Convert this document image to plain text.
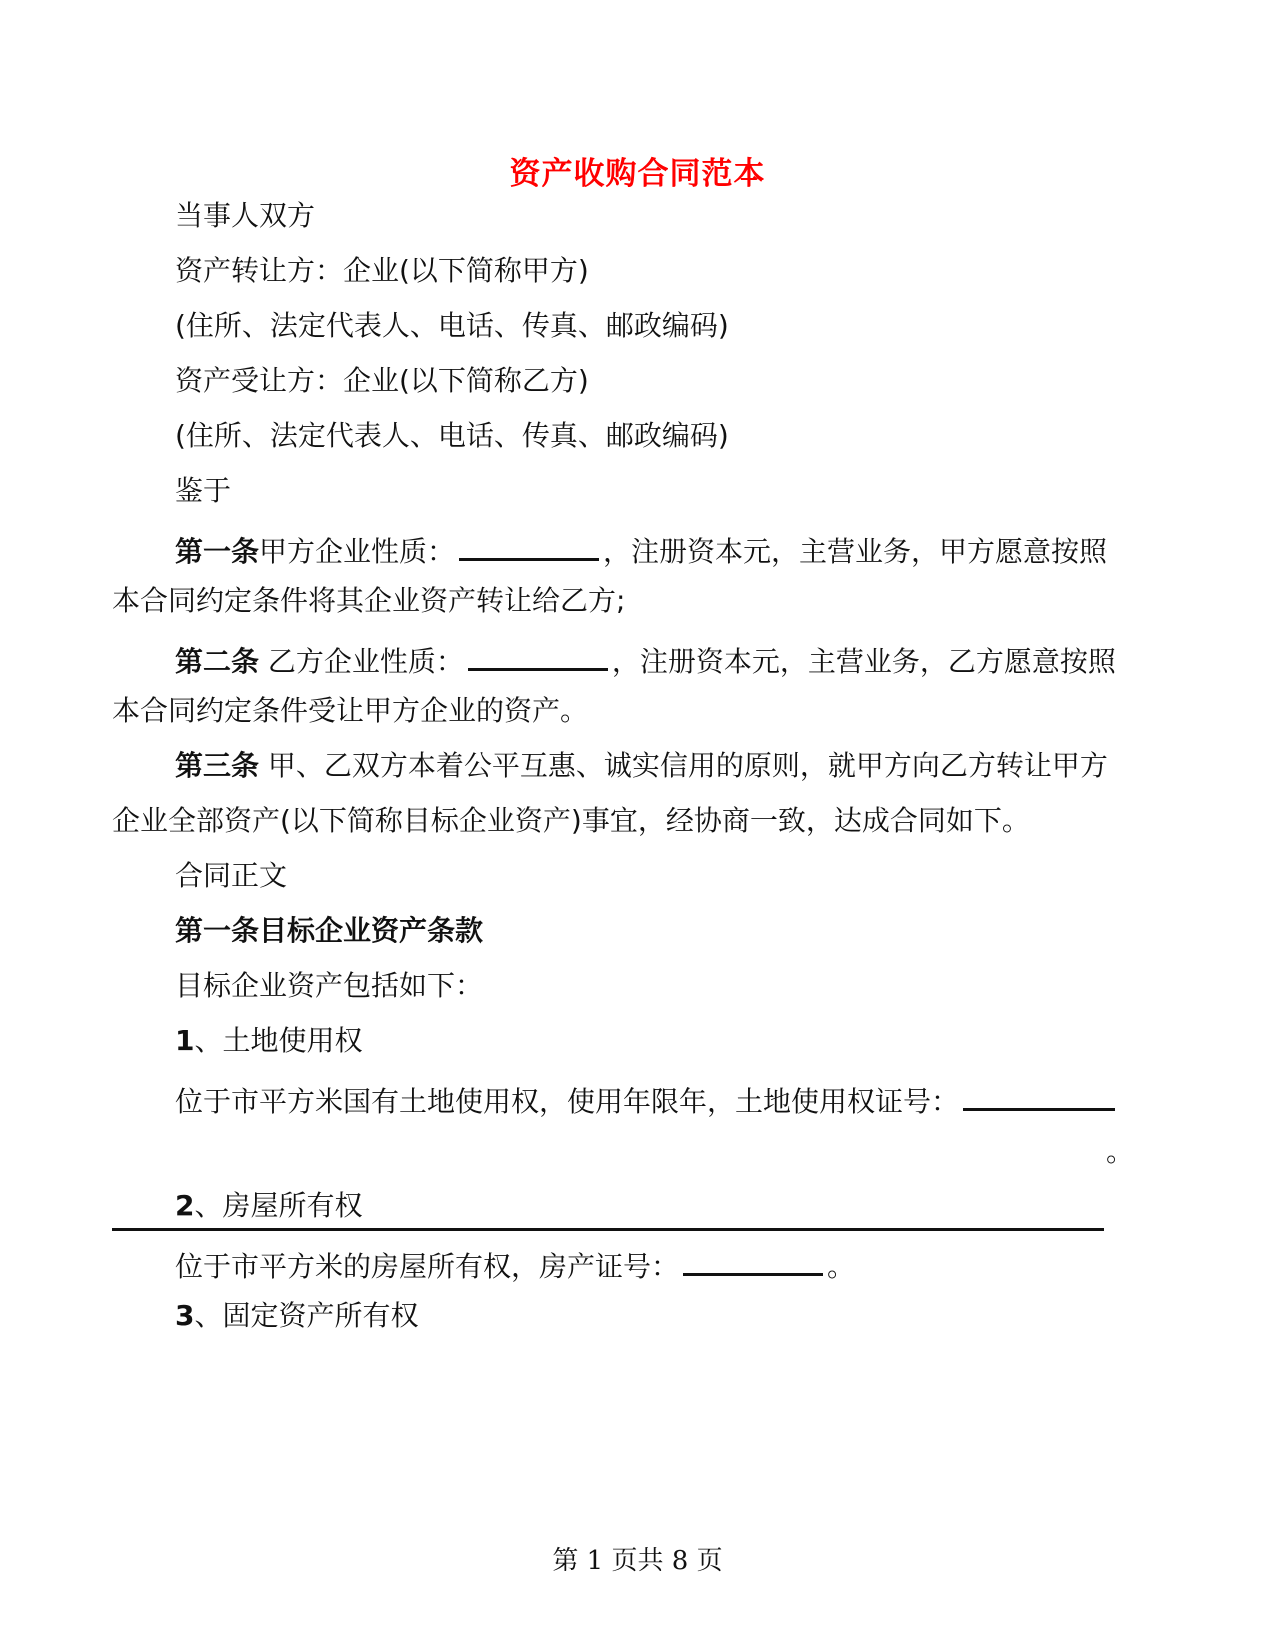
资产收购合同范本
当事人双方
资产转让方：企业(以下简称甲方)
(住所、法定代表人、电话、传真、邮政编码)
资产受让方：企业(以下简称乙方)
(住所、法定代表人、电话、传真、邮政编码)
鉴于
第一条甲方企业性质：	，注册资本元，主营业务，甲方愿意按照
本合同约定条件将其企业资产转让给乙方;
第二条 乙方企业性质：	，注册资本元，主营业务，乙方愿意按照
本合同约定条件受让甲方企业的资产。
第三条 甲、乙双方本着公平互惠、诚实信用的原则，就甲方向乙方转让甲方
企业全部资产(以下简称目标企业资产)事宜，经协商一致，达成合同如下。
合同正文
第一条目标企业资产条款
目标企业资产包括如下：
1、土地使用权
位于市平方米国有土地使用权，使用年限年，土地使用权证号：
。
2、房屋所有权
位于市平方米的房屋所有权，房产证号：	。
3、固定资产所有权
第 1 页共 8 页
